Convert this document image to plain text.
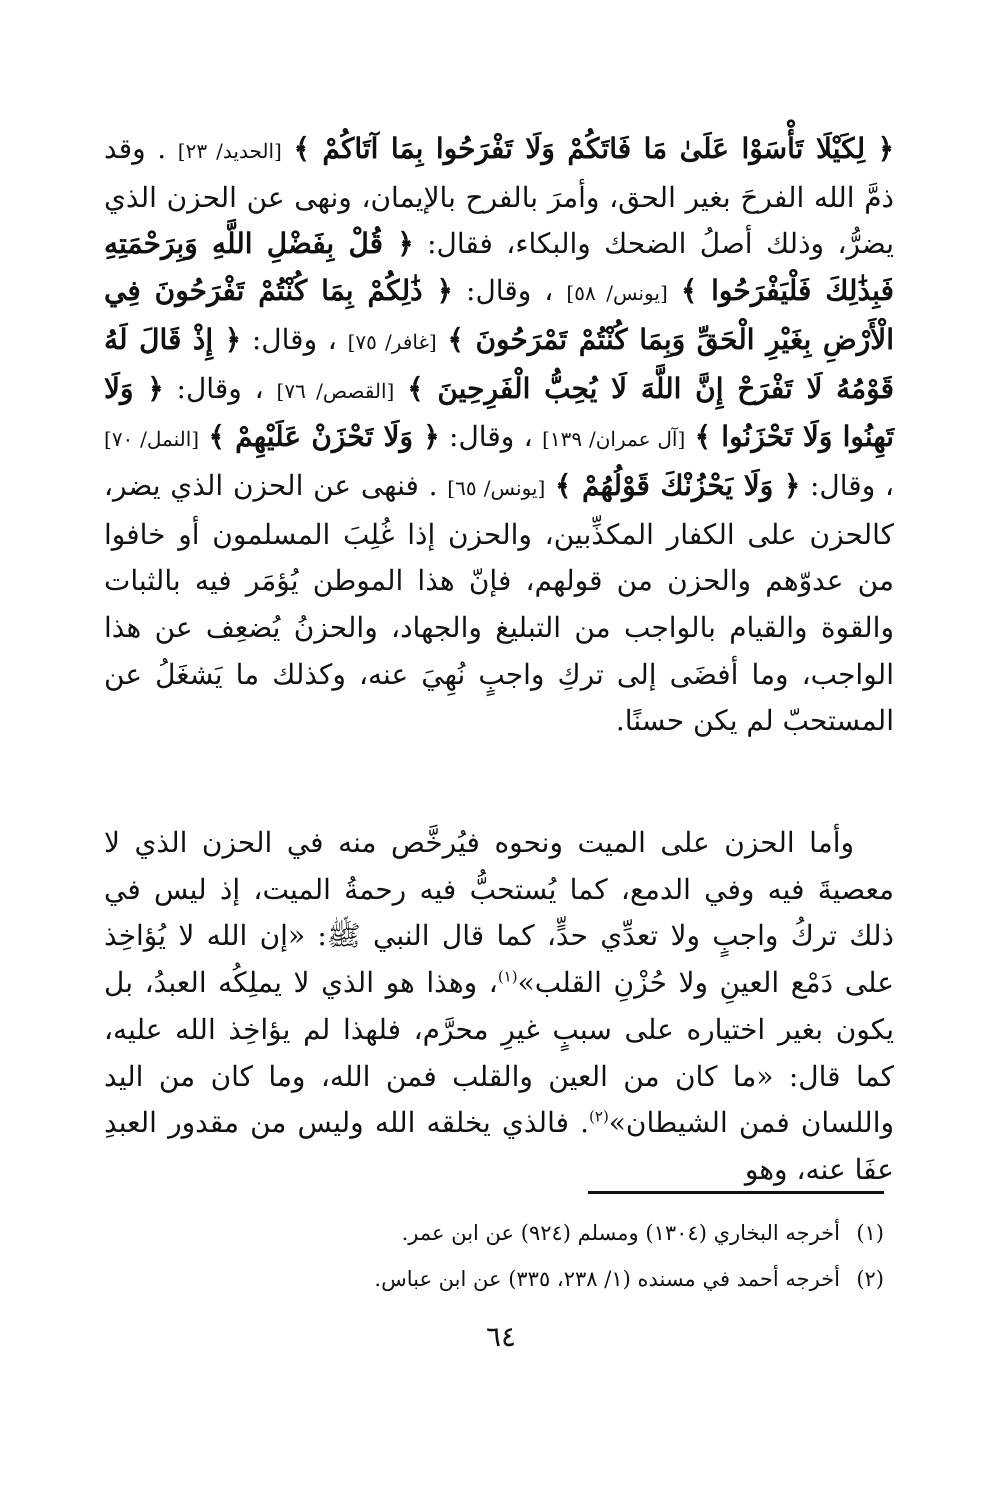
﴿ لِكَيْلَا تَأْسَوْا عَلَىٰ مَا فَاتَكُمْ وَلَا تَفْرَحُوا بِمَا آتَاكُمْ ﴾ [الحديد/ ٢٣] . وقد ذمَّ الله الفرحَ بغير الحق، وأمرَ بالفرح بالإيمان، ونهى عن الحزن الذي يضرُّ، وذلك أصلُ الضحك والبكاء، فقال: ﴿ قُلْ بِفَضْلِ اللَّهِ وَبِرَحْمَتِهِ فَبِذَٰلِكَ فَلْيَفْرَحُوا ﴾ [يونس/ ٥٨] ، وقال: ﴿ ذَٰلِكُمْ بِمَا كُنْتُمْ تَفْرَحُونَ فِي الْأَرْضِ بِغَيْرِ الْحَقِّ وَبِمَا كُنْتُمْ تَمْرَحُونَ ﴾ [غافر/ ٧٥] ، وقال: ﴿ إِذْ قَالَ لَهُ قَوْمُهُ لَا تَفْرَحْ إِنَّ اللَّهَ لَا يُحِبُّ الْفَرِحِينَ ﴾ [القصص/ ٧٦] ، وقال: ﴿ وَلَا تَهِنُوا وَلَا تَحْزَنُوا ﴾ [آل عمران/ ١٣٩] ، وقال: ﴿ وَلَا تَحْزَنْ عَلَيْهِمْ ﴾ [النمل/ ٧٠] ، وقال: ﴿ وَلَا يَحْزُنْكَ قَوْلُهُمْ ﴾ [يونس/ ٦٥] . فنهى عن الحزن الذي يضر، كالحزن على الكفار المكذِّبين، والحزن إذا غُلِبَ المسلمون أو خافوا من عدوّهم والحزن من قولهم، فإنّ هذا الموطن يُؤمَر فيه بالثبات والقوة والقيام بالواجب من التبليغ والجهاد، والحزنُ يُضعِف عن هذا الواجب، وما أفضَى إلى تركِ واجبٍ نُهِيَ عنه، وكذلك ما يَشغَلُ عن المستحبّ لم يكن حسنًا.
وأما الحزن على الميت ونحوه فيُرخَّص منه في الحزن الذي لا معصيةَ فيه وفي الدمع، كما يُستحبُّ فيه رحمةُ الميت، إذ ليس في ذلك تركُ واجبٍ ولا تعدِّي حدٍّ، كما قال النبي ﷺ: «إن الله لا يُؤاخِذ على دَمْع العينِ ولا حُزْنِ القلب»$^{(١)}$، وهذا هو الذي لا يملِكُه العبدُ، بل يكون بغير اختياره على سببٍ غيرِ محرَّم، فلهذا لم يؤاخِذ الله عليه، كما قال: «ما كان من العين والقلب فمن الله، وما كان من اليد واللسان فمن الشيطان»$^{(٢)}$. فالذي يخلقه الله وليس من مقدور العبدِ عفَا عنه، وهو
(١)أخرجه البخاري (١٣٠٤) ومسلم (٩٢٤) عن ابن عمر.
(٢)أخرجه أحمد في مسنده (١/ ٢٣٨، ٣٣٥) عن ابن عباس.
٦٤
